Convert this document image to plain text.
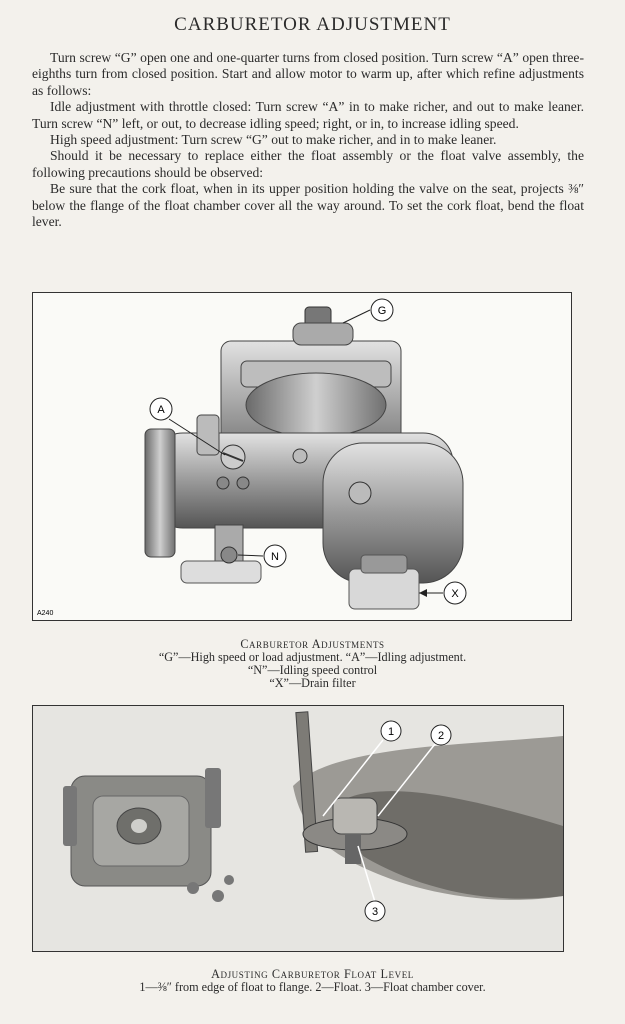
CARBURETOR ADJUSTMENT

Turn screw “G” open one and one-quarter turns from closed position. Turn screw “A” open three-eighths turn from closed position. Start and allow motor to warm up, after which refine adjustments as follows:

Idle adjustment with throttle closed: Turn screw “A” in to make richer, and out to make leaner. Turn screw “N” left, or out, to decrease idling speed; right, or in, to increase idling speed.

High speed adjustment: Turn screw “G” out to make richer, and in to make leaner.

Should it be necessary to replace either the float assembly or the float valve assembly, the following precautions should be observed:

Be sure that the cork float, when in its upper position holding the valve on the seat, projects ⅜″ below the flange of the float chamber cover all the way around. To set the cork float, bend the float lever.

G
A
N
X
A240
Carburetor Adjustments
“G”—High speed or load adjustment. “A”—Idling adjustment.
“N”—Idling speed control
“X”—Drain filter
1	2
3
Adjusting Carburetor Float Level
1—⅜″ from edge of float to flange. 2—Float. 3—Float chamber cover.
